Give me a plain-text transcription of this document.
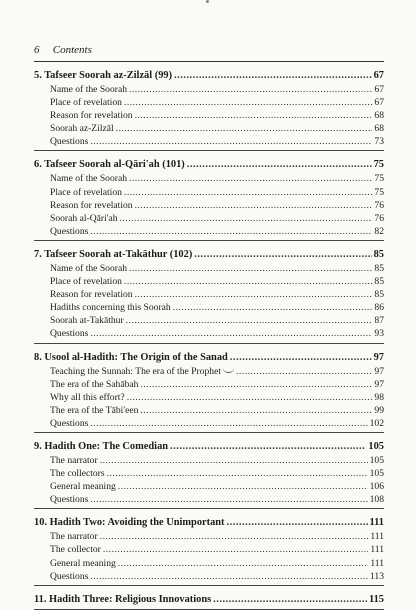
6 Contents
5. Tafseer Soorah az-Zilzāl (99) .....	67
Name of the Soorah .....	67
Place of revelation .....	67
Reason for revelation .....	68
Soorah az-Zilzāl .....	68
Questions .....	73
6. Tafseer Soorah al-Qāri'ah (101) .....	75
Name of the Soorah .....	75
Place of revelation .....	75
Reason for revelation .....	76
Soorah al-Qāri'ah .....	76
Questions .....	82
7. Tafseer Soorah at-Takāthur (102) .....	85
Name of the Soorah .....	85
Place of revelation .....	85
Reason for revelation .....	85
Hadiths concerning this Soorah .....	86
Soorah at-Takāthur .....	87
Questions .....	93
8. Usool al-Hadith: The Origin of the Sanad .....	97
Teaching the Sunnah: The era of the Prophet .....	97
The era of the Sahābah .....	97
Why all this effort? .....	98
The era of the Tābi'een .....	99
Questions .....	102
9. Hadith One: The Comedian .....	105
The narrator .....	105
The collectors .....	105
General meaning .....	106
Questions .....	108
10. Hadith Two: Avoiding the Unimportant .....	111
The narrator .....	111
The collector .....	111
General meaning .....	111
Questions .....	113
11. Hadith Three: Religious Innovations .....	115
